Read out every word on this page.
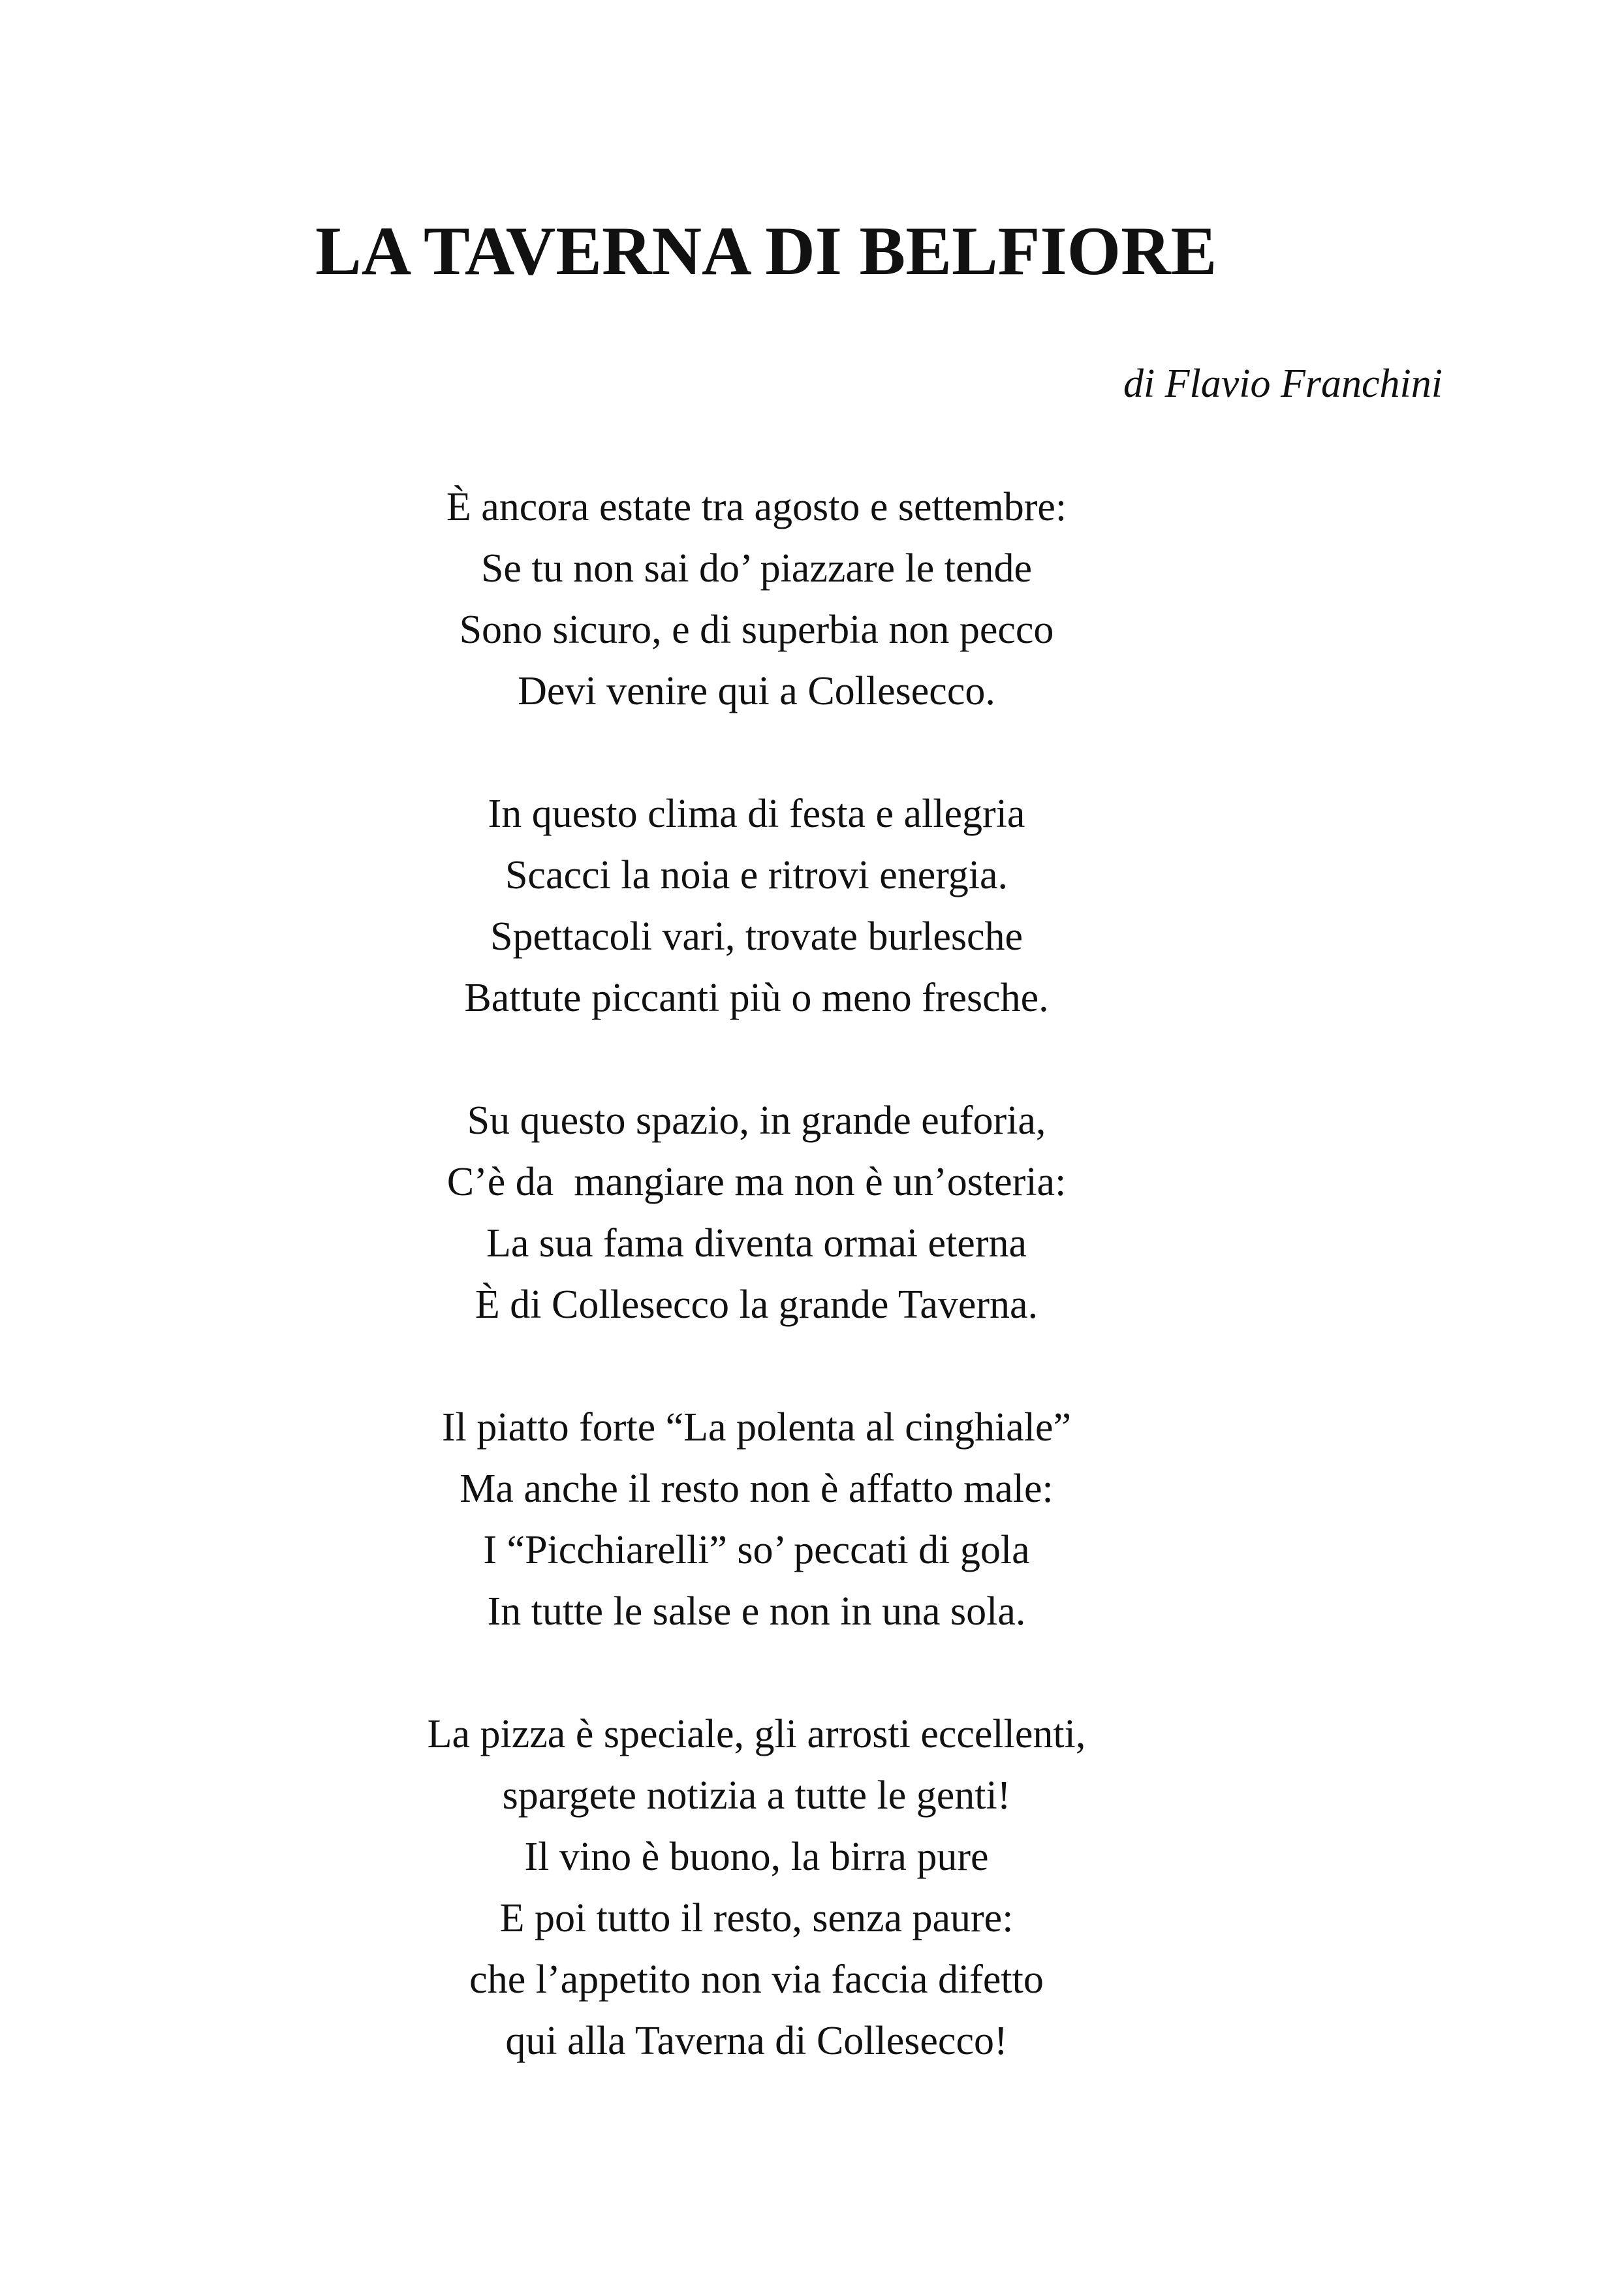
LA TAVERNA DI BELFIORE
di Flavio Franchini
È ancora estate tra agosto e settembre:
Se tu non sai do’ piazzare le tende
Sono sicuro, e di superbia non pecco
Devi venire qui a Collesecco.
In questo clima di festa e allegria
Scacci la noia e ritrovi energia.
Spettacoli vari, trovate burlesche
Battute piccanti più o meno fresche.
Su questo spazio, in grande euforia,
C’è da  mangiare ma non è un’osteria:
La sua fama diventa ormai eterna
È di Collesecco la grande Taverna.
Il piatto forte “La polenta al cinghiale”
Ma anche il resto non è affatto male:
I “Picchiarelli” so’ peccati di gola
In tutte le salse e non in una sola.
La pizza è speciale, gli arrosti eccellenti,
spargete notizia a tutte le genti!
Il vino è buono, la birra pure
E poi tutto il resto, senza paure:
che l’appetito non via faccia difetto
qui alla Taverna di Collesecco!
